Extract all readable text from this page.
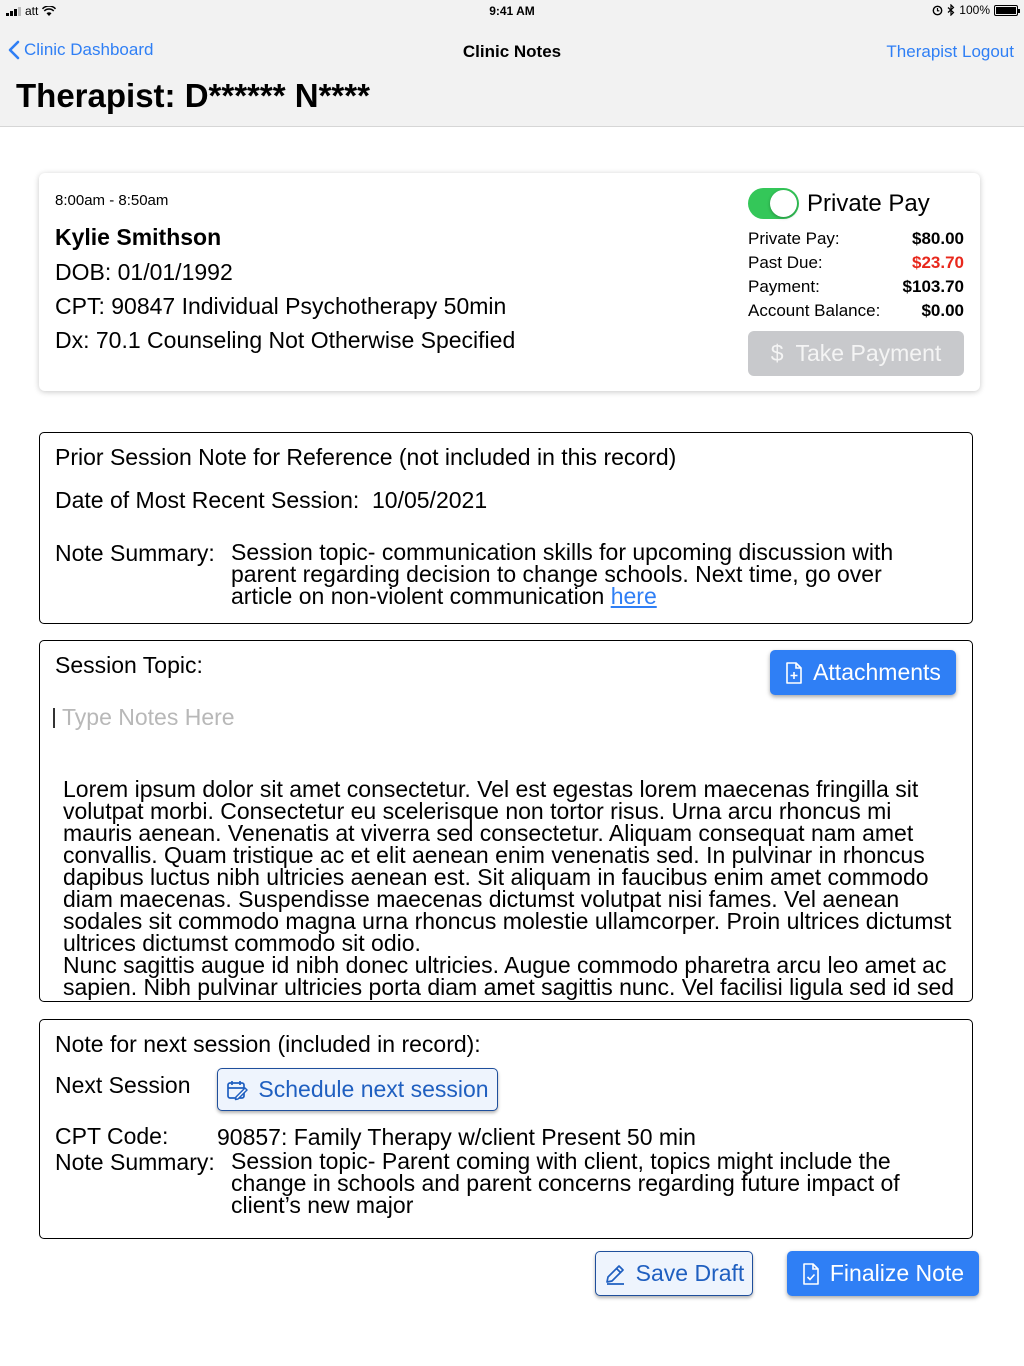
att	9:41 AM	100%
Clinic Dashboard	Clinic Notes	Therapist Logout
Therapist: D****** N****
8:00am - 8:50am
Kylie Smithson
DOB: 01/01/1992
CPT: 90847 Individual Psychotherapy 50min
Dx: 70.1 Counseling Not Otherwise Specified
Private Pay
Private Pay:	$80.00
Past Due:	$23.70
Payment:	$103.70
Account Balance: $0.00
$ Take Payment
Prior Session Note for Reference (not included in this record)
Date of Most Recent Session: 10/05/2021
Note Summary: Session topic- communication skills for upcoming discussion with parent regarding decision to change schools. Next time, go over article on non-violent communication here
Session Topic:	Attachments
Type Notes Here
Lorem ipsum dolor sit amet consectetur. Vel est egestas lorem maecenas fringilla sit volutpat morbi. Consectetur eu scelerisque non tortor risus. Urna arcu rhoncus mi mauris aenean. Venenatis at viverra sed consectetur. Aliquam consequat nam amet convallis. Quam tristique ac et elit aenean enim venenatis sed. In pulvinar in rhoncus dapibus luctus nibh ultricies aenean est. Sit aliquam in faucibus enim amet commodo diam maecenas. Suspendisse maecenas dictumst volutpat nisi fames. Vel aenean sodales sit commodo magna urna rhoncus molestie ullamcorper. Proin ultrices dictumst ultrices dictumst commodo sit odio.
Nunc sagittis augue id nibh donec ultricies. Augue commodo pharetra arcu leo amet ac sapien. Nibh pulvinar ultricies porta diam amet sagittis nunc. Vel facilisi ligula sed id sed
Note for next session (included in record):
Next Session	Schedule next session
CPT Code: 90857: Family Therapy w/client Present 50 min
Note Summary: Session topic- Parent coming with client, topics might include the change in schools and parent concerns regarding future impact of client’s new major
Save Draft	Finalize Note
